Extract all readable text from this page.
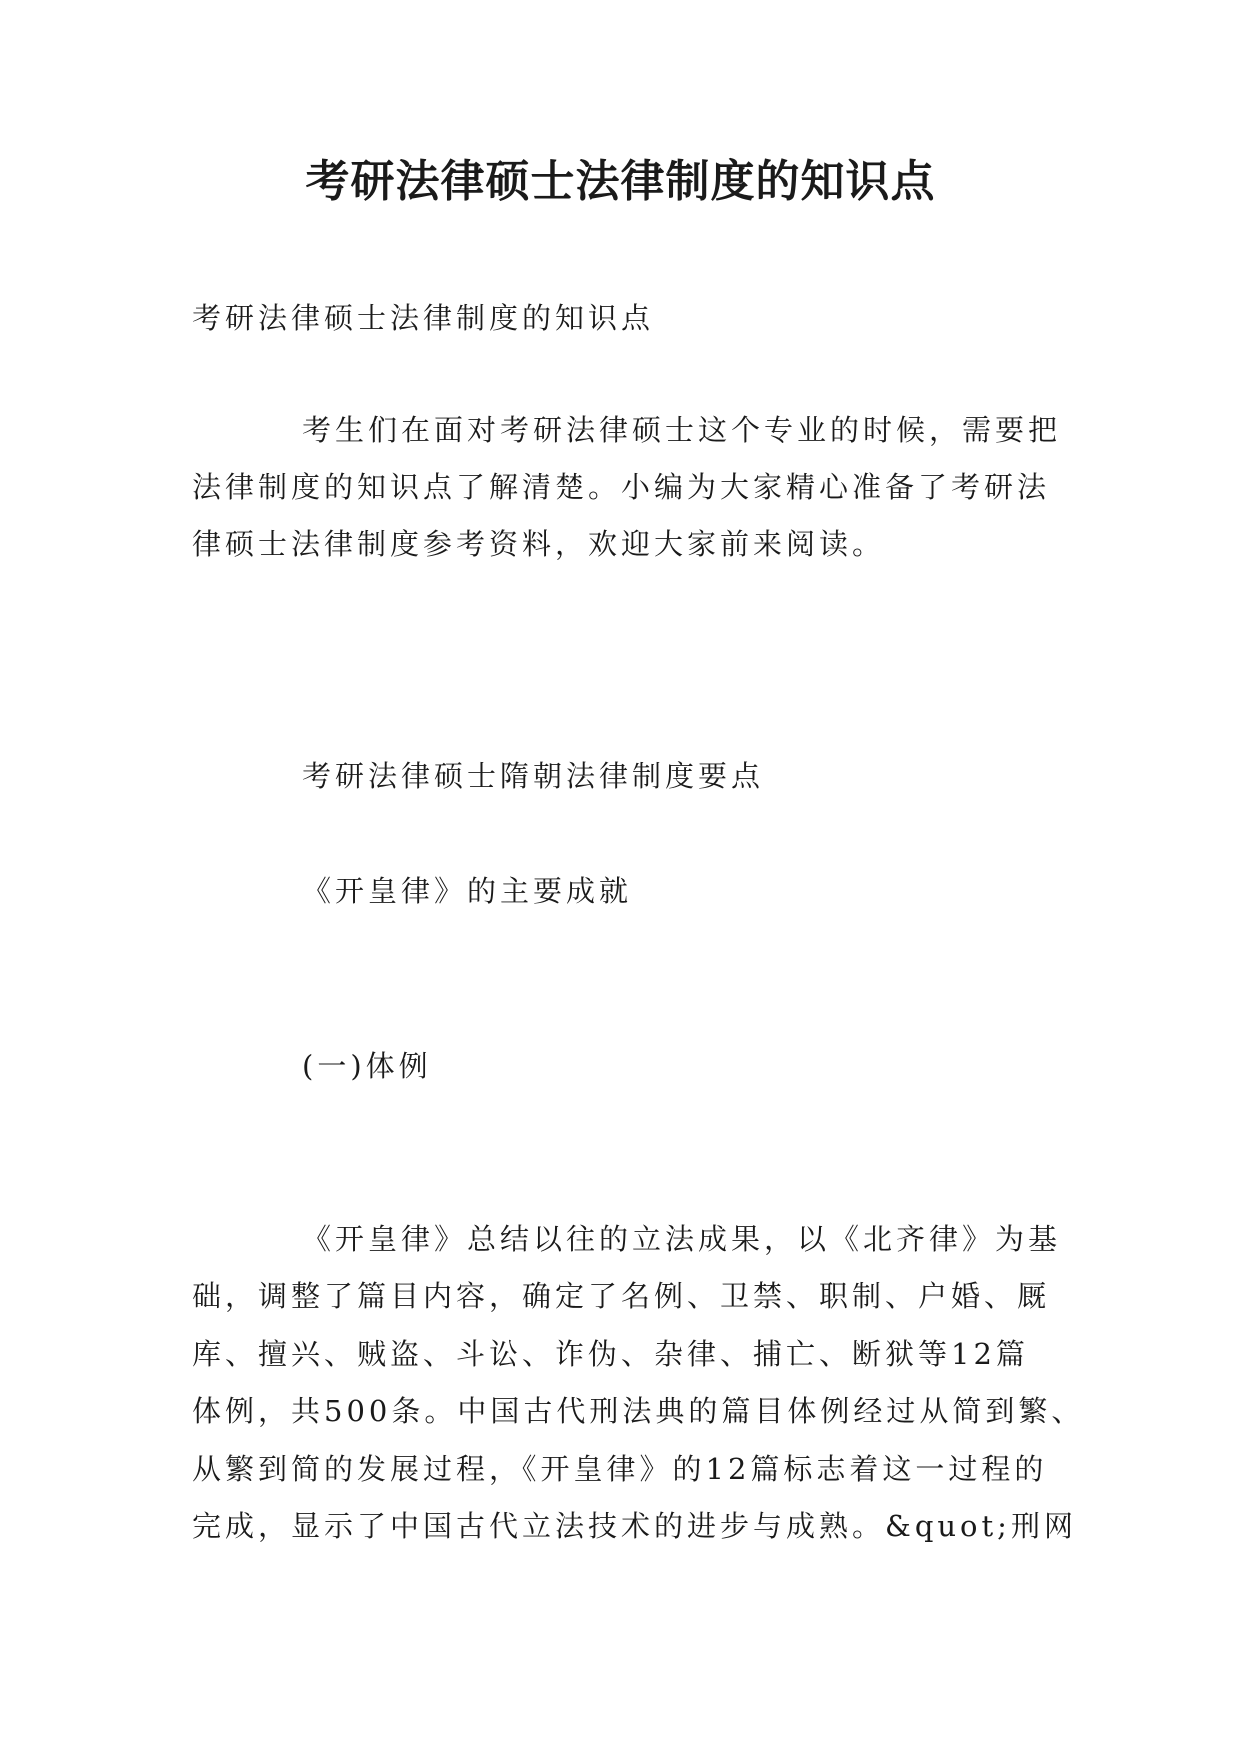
考研法律硕士法律制度的知识点
考研法律硕士法律制度的知识点
考生们在面对考研法律硕士这个专业的时候，需要把
法律制度的知识点了解清楚。小编为大家精心准备了考研法
律硕士法律制度参考资料，欢迎大家前来阅读。
考研法律硕士隋朝法律制度要点
《开皇律》的主要成就
(一)体例
《开皇律》总结以往的立法成果，以《北齐律》为基
础，调整了篇目内容，确定了名例、卫禁、职制、户婚、厩
库、擅兴、贼盗、斗讼、诈伪、杂律、捕亡、断狱等12篇
体例，共500条。中国古代刑法典的篇目体例经过从简到繁、
从繁到简的发展过程，《开皇律》的12篇标志着这一过程的
完成，显示了中国古代立法技术的进步与成熟。&quot;刑网
